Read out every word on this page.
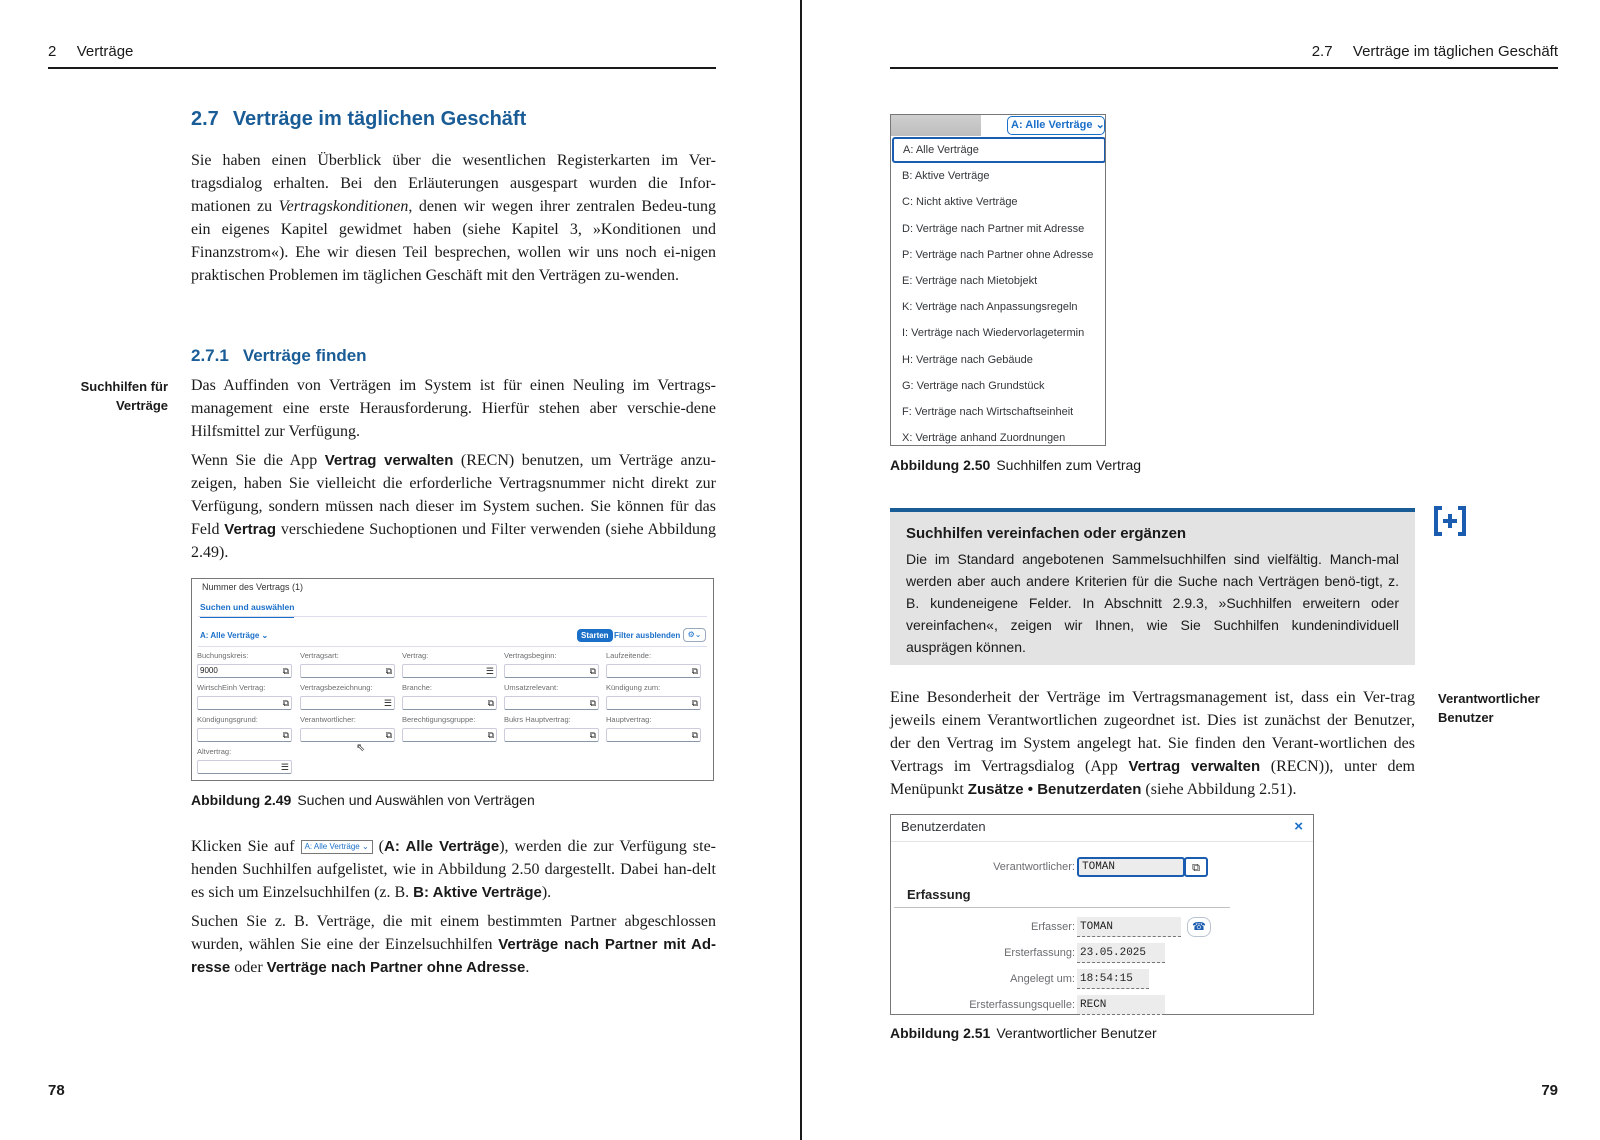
2 Verträge
2.7 Verträge im täglichen Geschäft
Sie haben einen Überblick über die wesentlichen Registerkarten im Ver-tragsdialog erhalten. Bei den Erläuterungen ausgespart wurden die Infor-mationen zu Vertragskonditionen, denen wir wegen ihrer zentralen Bedeu-tung ein eigenes Kapitel gewidmet haben (siehe Kapitel 3, »Konditionen und Finanzstrom«). Ehe wir diesen Teil besprechen, wollen wir uns noch ei-nigen praktischen Problemen im täglichen Geschäft mit den Verträgen zu-wenden.
2.7.1 Verträge finden
Suchhilfen für
Verträge
Das Auffinden von Verträgen im System ist für einen Neuling im Vertrags-management eine erste Herausforderung. Hierfür stehen aber verschie-dene Hilfsmittel zur Verfügung.
Wenn Sie die App Vertrag verwalten (RECN) benutzen, um Verträge anzu-zeigen, haben Sie vielleicht die erforderliche Vertragsnummer nicht direkt zur Verfügung, sondern müssen nach dieser im System suchen. Sie können für das Feld Vertrag verschiedene Suchoptionen und Filter verwenden (siehe Abbildung 2.49).
Nummer des Vertrags (1)
Suchen und auswählen
A: Alle Verträge ⌄	Starten Filter ausblenden ⚙⌄
Buchungskreis:
9000	⧉
Vertragsart:
⧉
Vertrag:
☰
Vertragsbeginn:
⧉
Laufzeitende:
⧉
WirtschEinh Vertrag:
⧉
Vertragsbezeichnung:
☰
Branche:
⧉
Umsatzrelevant:
⧉
Kündigung zum:
⧉
Kündigungsgrund:
⧉
Verantwortlicher:
⧉
Berechtigungsgruppe:
⧉
Bukrs Hauptvertrag:
⧉
Hauptvertrag:
⧉
Altvertrag:
☰
⇖
Abbildung 2.49 Suchen und Auswählen von Verträgen
Klicken Sie auf A: Alle Verträge ⌄ (A: Alle Verträge), werden die zur Verfügung ste-henden Suchhilfen aufgelistet, wie in Abbildung 2.50 dargestellt. Dabei han-delt es sich um Einzelsuchhilfen (z. B. B: Aktive Verträge).
Suchen Sie z. B. Verträge, die mit einem bestimmten Partner abgeschlossen wurden, wählen Sie eine der Einzelsuchhilfen Verträge nach Partner mit Ad-resse oder Verträge nach Partner ohne Adresse.
78
2.7 Verträge im täglichen Geschäft
79
A: Alle Verträge ⌄
A: Alle Verträge
B: Aktive Verträge
C: Nicht aktive Verträge
D: Verträge nach Partner mit Adresse
P: Verträge nach Partner ohne Adresse
E: Verträge nach Mietobjekt
K: Verträge nach Anpassungsregeln
I: Verträge nach Wiedervorlagetermin
H: Verträge nach Gebäude
G: Verträge nach Grundstück
F: Verträge nach Wirtschaftseinheit
X: Verträge anhand Zuordnungen
Abbildung 2.50 Suchhilfen zum Vertrag
Suchhilfen vereinfachen oder ergänzen
Die im Standard angebotenen Sammelsuchhilfen sind vielfältig. Manch-mal werden aber auch andere Kriterien für die Suche nach Verträgen benö-tigt, z. B. kundeneigene Felder. In Abschnitt 2.9.3, »Suchhilfen erweitern oder vereinfachen«, zeigen wir Ihnen, wie Sie Suchhilfen kundenindividuell ausprägen können.
Verantwortlicher
Benutzer
Eine Besonderheit der Verträge im Vertragsmanagement ist, dass ein Ver-trag jeweils einem Verantwortlichen zugeordnet ist. Dies ist zunächst der Benutzer, der den Vertrag im System angelegt hat. Sie finden den Verant-wortlichen des Vertrags im Vertragsdialog (App Vertrag verwalten (RECN)), unter dem Menüpunkt Zusätze • Benutzerdaten (siehe Abbildung 2.51).
Benutzerdaten	×
Verantwortlicher: TOMAN	⧉
Erfassung
Erfasser: TOMAN	☎
Ersterfassung: 23.05.2025
Angelegt um: 18:54:15
Ersterfassungsquelle: RECN
Abbildung 2.51 Verantwortlicher Benutzer
